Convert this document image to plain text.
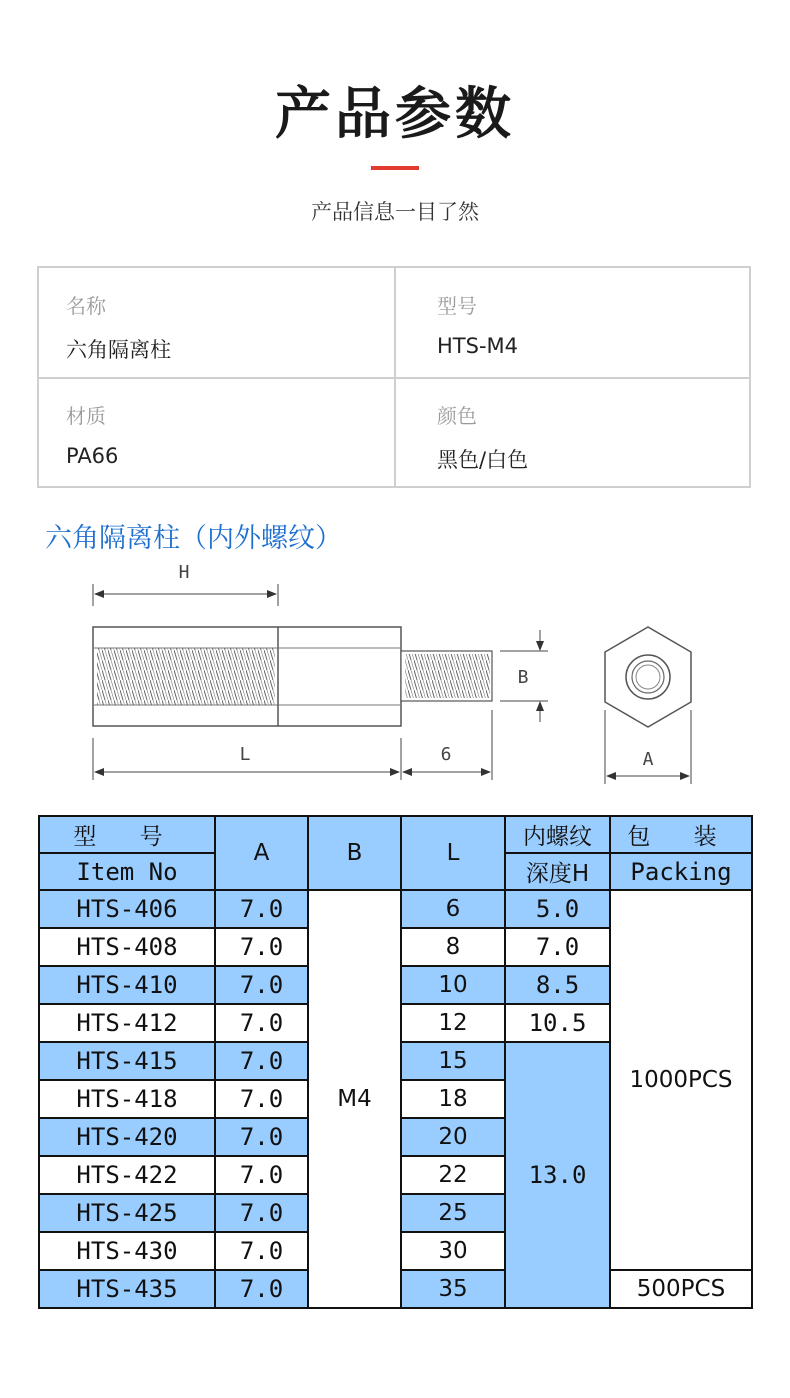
产品参数
产品信息一目了然
名称
六角隔离柱
型号
HTS-M4
材质
PA66
颜色
黑色/白色
六角隔离柱（内外螺纹）
H
B
L	6	A
型 号	A	B	L	内螺纹	包 装
Item No				深度H	Packing
HTS-406	7.0	M4	6	5.0	1000PCS
HTS-408	7.0		8	7.0	
HTS-410	7.0		10	8.5	
HTS-412	7.0		12	10.5	
HTS-415	7.0		15	13.0	
HTS-418	7.0		18		
HTS-420	7.0		20		
HTS-422	7.0		22		
HTS-425	7.0		25		
HTS-430	7.0		30		
HTS-435	7.0		35		500PCS
